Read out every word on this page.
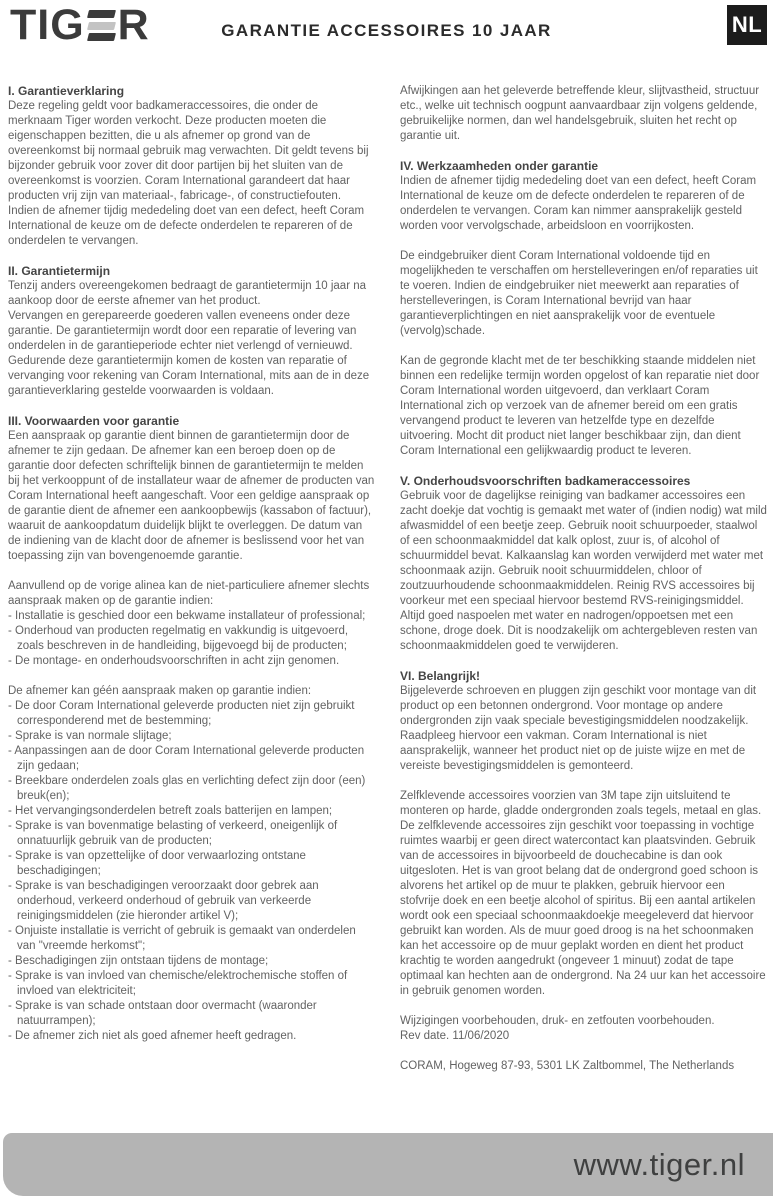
TIG R	GARANTIE ACCESSOIRES 10 JAAR	NL
I. Garantieverklaring

Deze regeling geldt voor badkameraccessoires, die onder de merknaam Tiger worden verkocht. Deze producten moeten die eigenschappen bezitten, die u als afnemer op grond van de overeenkomst bij normaal gebruik mag verwachten. Dit geldt tevens bij bijzonder gebruik voor zover dit door partijen bij het sluiten van de overeenkomst is voorzien. Coram International garandeert dat haar producten vrij zijn van materiaal-, fabricage-, of constructiefouten. Indien de afnemer tijdig mededeling doet van een defect, heeft Coram International de keuze om de defecte onderdelen te repareren of de onderdelen te vervangen.

II. Garantietermijn

Tenzij anders overeengekomen bedraagt de garantietermijn 10 jaar na aankoop door de eerste afnemer van het product.

Vervangen en gerepareerde goederen vallen eveneens onder deze garantie. De garantietermijn wordt door een reparatie of levering van onderdelen in de garantieperiode echter niet verlengd of vernieuwd.

Gedurende deze garantietermijn komen de kosten van reparatie of vervanging voor rekening van Coram International, mits aan de in deze garantieverklaring gestelde voorwaarden is voldaan.

III. Voorwaarden voor garantie

Een aanspraak op garantie dient binnen de garantietermijn door de afnemer te zijn gedaan. De afnemer kan een beroep doen op de garantie door defecten schriftelijk binnen de garantietermijn te melden bij het verkooppunt of de installateur waar de afnemer de producten van Coram International heeft aangeschaft. Voor een geldige aanspraak op de garantie dient de afnemer een aankoopbewijs (kassabon of factuur), waaruit de aankoopdatum duidelijk blijkt te overleggen. De datum van de indiening van de klacht door de afnemer is beslissend voor het van toepassing zijn van bovengenoemde garantie.

Aanvullend op de vorige alinea kan de niet-particuliere afnemer slechts aanspraak maken op de garantie indien:

- Installatie is geschied door een bekwame installateur of professional;
- Onderhoud van producten regelmatig en vakkundig is uitgevoerd, zoals beschreven in de handleiding, bijgevoegd bij de producten;
- De montage- en onderhoudsvoorschriften in acht zijn genomen.

De afnemer kan géén aanspraak maken op garantie indien:

- De door Coram International geleverde producten niet zijn gebruikt corresponderend met de bestemming;
- Sprake is van normale slijtage;
- Aanpassingen aan de door Coram International geleverde producten zijn gedaan;
- Breekbare onderdelen zoals glas en verlichting defect zijn door (een) breuk(en);
- Het vervangingsonderdelen betreft zoals batterijen en lampen;
- Sprake is van bovenmatige belasting of verkeerd, oneigenlijk of onnatuurlijk gebruik van de producten;
- Sprake is van opzettelijke of door verwaarlozing ontstane beschadigingen;
- Sprake is van beschadigingen veroorzaakt door gebrek aan onderhoud, verkeerd onderhoud of gebruik van verkeerde reinigingsmiddelen (zie hieronder artikel V);
- Onjuiste installatie is verricht of gebruik is gemaakt van onderdelen van "vreemde herkomst";
- Beschadigingen zijn ontstaan tijdens de montage;
- Sprake is van invloed van chemische/elektrochemische stoffen of invloed van elektriciteit;
- Sprake is van schade ontstaan door overmacht (waaronder natuurrampen);
- De afnemer zich niet als goed afnemer heeft gedragen.

Afwijkingen aan het geleverde betreffende kleur, slijtvastheid, structuur etc., welke uit technisch oogpunt aanvaardbaar zijn volgens geldende, gebruikelijke normen, dan wel handelsgebruik, sluiten het recht op garantie uit.

IV. Werkzaamheden onder garantie

Indien de afnemer tijdig mededeling doet van een defect, heeft Coram International de keuze om de defecte onderdelen te repareren of de onderdelen te vervangen. Coram kan nimmer aansprakelijk gesteld worden voor vervolgschade, arbeidsloon en voorrijkosten.

De eindgebruiker dient Coram International voldoende tijd en mogelijkheden te verschaffen om herstelleveringen en/of reparaties uit te voeren. Indien de eindgebruiker niet meewerkt aan reparaties of herstelleveringen, is Coram International bevrijd van haar garantieverplichtingen en niet aansprakelijk voor de eventuele (vervolg)schade.

Kan de gegronde klacht met de ter beschikking staande middelen niet binnen een redelijke termijn worden opgelost of kan reparatie niet door Coram International worden uitgevoerd, dan verklaart Coram International zich op verzoek van de afnemer bereid om een gratis vervangend product te leveren van hetzelfde type en dezelfde uitvoering. Mocht dit product niet langer beschikbaar zijn, dan dient Coram International een gelijkwaardig product te leveren.

V. Onderhoudsvoorschriften badkameraccessoires

Gebruik voor de dagelijkse reiniging van badkamer accessoires een zacht doekje dat vochtig is gemaakt met water of (indien nodig) wat mild afwasmiddel of een beetje zeep. Gebruik nooit schuurpoeder, staalwol of een schoonmaakmiddel dat kalk oplost, zuur is, of alcohol of schuurmiddel bevat. Kalkaanslag kan worden verwijderd met water met schoonmaak azijn. Gebruik nooit schuurmiddelen, chloor of zoutzuurhoudende schoonmaakmiddelen. Reinig RVS accessoires bij voorkeur met een speciaal hiervoor bestemd RVS-reinigingsmiddel. Altijd goed naspoelen met water en nadrogen/oppoetsen met een schone, droge doek. Dit is noodzakelijk om achtergebleven resten van schoonmaakmiddelen goed te verwijderen.

VI. Belangrijk!

Bijgeleverde schroeven en pluggen zijn geschikt voor montage van dit product op een betonnen ondergrond. Voor montage op andere ondergronden zijn vaak speciale bevestigingsmiddelen noodzakelijk. Raadpleeg hiervoor een vakman. Coram International is niet aansprakelijk, wanneer het product niet op de juiste wijze en met de vereiste bevestigingsmiddelen is gemonteerd.

Zelfklevende accessoires voorzien van 3M tape zijn uitsluitend te monteren op harde, gladde ondergronden zoals tegels, metaal en glas. De zelfklevende accessoires zijn geschikt voor toepassing in vochtige ruimtes waarbij er geen direct watercontact kan plaatsvinden. Gebruik van de accessoires in bijvoorbeeld de douchecabine is dan ook uitgesloten. Het is van groot belang dat de ondergrond goed schoon is alvorens het artikel op de muur te plakken, gebruik hiervoor een stofvrije doek en een beetje alcohol of spiritus. Bij een aantal artikelen wordt ook een speciaal schoonmaakdoekje meegeleverd dat hiervoor gebruikt kan worden. Als de muur goed droog is na het schoonmaken kan het accessoire op de muur geplakt worden en dient het product krachtig te worden aangedrukt (ongeveer 1 minuut) zodat de tape optimaal kan hechten aan de ondergrond. Na 24 uur kan het accessoire in gebruik genomen worden.

Wijzigingen voorbehouden, druk- en zetfouten voorbehouden.

Rev date. 11/06/2020

CORAM, Hogeweg 87-93, 5301 LK Zaltbommel, The Netherlands

www.tiger.nl
